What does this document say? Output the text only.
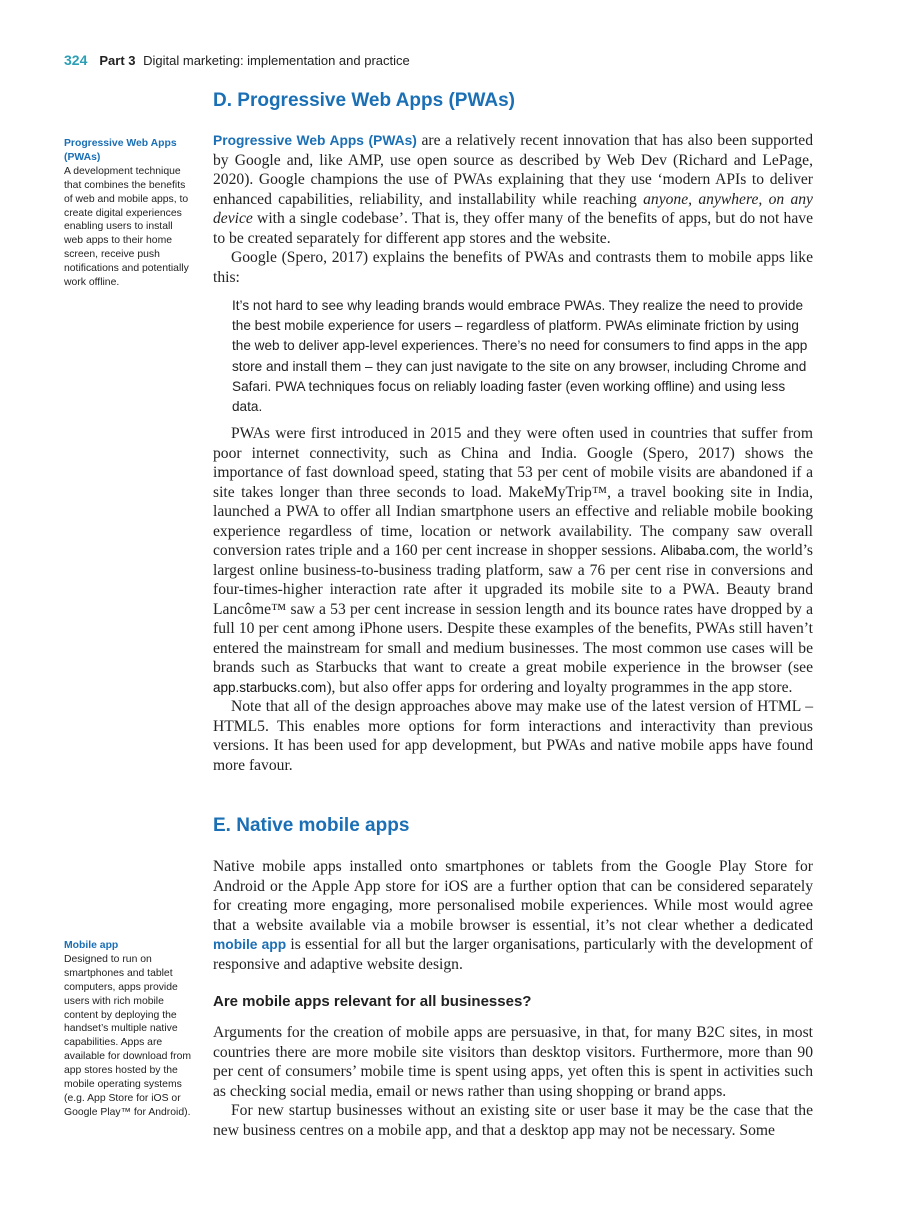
324 Part 3 Digital marketing: implementation and practice
D. Progressive Web Apps (PWAs)
Progressive Web Apps (PWAs)
A development technique that combines the benefits of web and mobile apps, to create digital experiences enabling users to install web apps to their home screen, receive push notifications and potentially work offline.

Progressive Web Apps (PWAs) are a relatively recent innovation that has also been supported by Google and, like AMP, use open source as described by Web Dev (Richard and LePage, 2020). Google champions the use of PWAs explaining that they use ‘modern APIs to deliver enhanced capabilities, reliability, and installability while reaching anyone, anywhere, on any device with a single codebase’. That is, they offer many of the benefits of apps, but do not have to be created separately for different app stores and the website.

Google (Spero, 2017) explains the benefits of PWAs and contrasts them to mobile apps like this:

It’s not hard to see why leading brands would embrace PWAs. They realize the need to provide the best mobile experience for users – regardless of platform. PWAs eliminate friction by using the web to deliver app-level experiences. There’s no need for consumers to find apps in the app store and install them – they can just navigate to the site on any browser, including Chrome and Safari. PWA techniques focus on reliably loading faster (even working offline) and using less data.

PWAs were first introduced in 2015 and they were often used in countries that suffer from poor internet connectivity, such as China and India. Google (Spero, 2017) shows the importance of fast download speed, stating that 53 per cent of mobile visits are abandoned if a site takes longer than three seconds to load. MakeMyTrip™, a travel booking site in India, launched a PWA to offer all Indian smartphone users an effective and reliable mobile booking experience regardless of time, location or network availability. The company saw overall conversion rates triple and a 160 per cent increase in shopper sessions. Alibaba.com, the world’s largest online business-to-business trading platform, saw a 76 per cent rise in conversions and four-times-higher interaction rate after it upgraded its mobile site to a PWA. Beauty brand Lancôme™ saw a 53 per cent increase in session length and its bounce rates have dropped by a full 10 per cent among iPhone users. Despite these examples of the benefits, PWAs still haven’t entered the mainstream for small and medium businesses. The most common use cases will be brands such as Starbucks that want to create a great mobile experience in the browser (see app.starbucks.com), but also offer apps for ordering and loyalty programmes in the app store.

Note that all of the design approaches above may make use of the latest version of HTML – HTML5. This enables more options for form interactions and interactivity than previous versions. It has been used for app development, but PWAs and native mobile apps have found more favour.

E. Native mobile apps

Native mobile apps installed onto smartphones or tablets from the Google Play Store for Android or the Apple App store for iOS are a further option that can be considered separately for creating more engaging, more personalised mobile experiences. While most would agree that a website available via a mobile browser is essential, it’s not clear whether a dedicated mobile app is essential for all but the larger organisations, particularly with the development of responsive and adaptive website design.

Mobile app
Designed to run on smartphones and tablet computers, apps provide users with rich mobile content by deploying the handset’s multiple native capabilities. Apps are available for download from app stores hosted by the mobile operating systems (e.g. App Store for iOS or Google Play™ for Android).
Are mobile apps relevant for all businesses?

Arguments for the creation of mobile apps are persuasive, in that, for many B2C sites, in most countries there are more mobile site visitors than desktop visitors. Furthermore, more than 90 per cent of consumers’ mobile time is spent using apps, yet often this is spent in activities such as checking social media, email or news rather than using shopping or brand apps.

For new startup businesses without an existing site or user base it may be the case that the new business centres on a mobile app, and that a desktop app may not be necessary. Some
